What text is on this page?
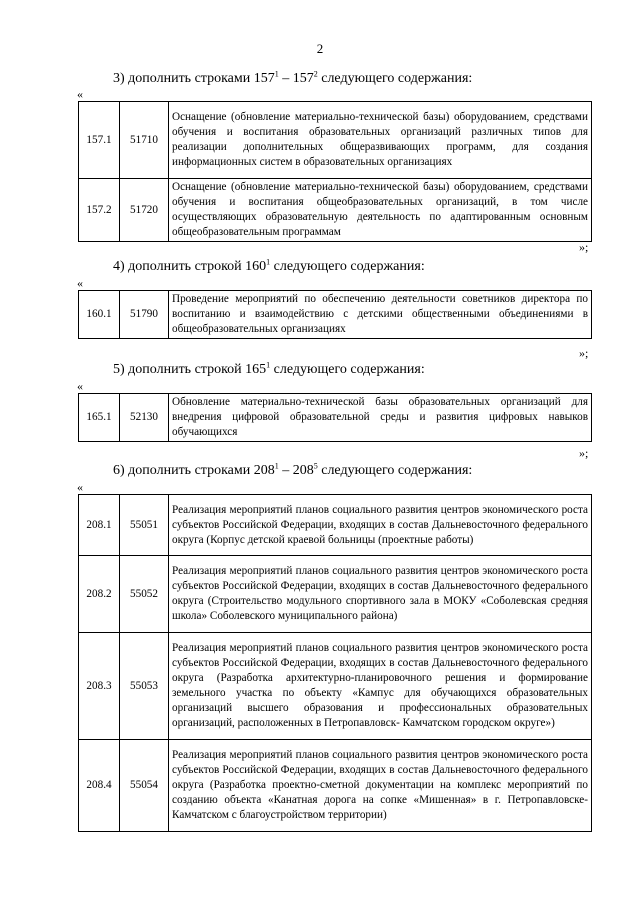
2
3) дополнить строками $157^1 - 157^2$ следующего содержания:
«
157.1	51710	Оснащение (обновление материально-технической базы) оборудованием, средствами обучения и воспитания образовательных организаций различных типов для реализации дополнительных общеразвивающих программ, для создания информационных систем в образовательных организациях
157.2	51720	Оснащение (обновление материально-технической базы) оборудованием, средствами обучения и воспитания общеобразовательных организаций, в том числе осуществляющих образовательную деятельность по адаптированным основным общеобразовательным программам
»;
4) дополнить строкой $160^1$ следующего содержания:
«
160.1	51790	Проведение мероприятий по обеспечению деятельности советников директора по воспитанию и взаимодействию с детскими общественными объединениями в общеобразовательных организациях
»;
5) дополнить строкой $165^1$ следующего содержания:
«
165.1	52130	Обновление материально-технической базы образовательных организаций для внедрения цифровой образовательной среды и развития цифровых навыков обучающихся
»;
6) дополнить строками $208^1 - 208^5$ следующего содержания:
«
208.1	55051	Реализация мероприятий планов социального развития центров экономического роста субъектов Российской Федерации, входящих в состав Дальневосточного федерального округа (Корпус детской краевой больницы (проектные работы)
208.2	55052	Реализация мероприятий планов социального развития центров экономического роста субъектов Российской Федерации, входящих в состав Дальневосточного федерального округа (Строительство модульного спортивного зала в МОКУ «Соболевская средняя школа» Соболевского муниципального района)
208.3	55053	Реализация мероприятий планов социального развития центров экономического роста субъектов Российской Федерации, входящих в состав Дальневосточного федерального округа (Разработка архитектурно-планировочного решения и формирование земельного участка по объекту «Кампус для обучающихся образовательных организаций высшего образования и профессиональных образовательных организаций, расположенных в Петропавловск- Камчатском городском округе»)
208.4	55054	Реализация мероприятий планов социального развития центров экономического роста субъектов Российской Федерации, входящих в состав Дальневосточного федерального округа (Разработка проектно-сметной документации на комплекс мероприятий по созданию объекта «Канатная дорога на сопке «Мишенная» в г. Петропавловске-Камчатском с благоустройством территории)
